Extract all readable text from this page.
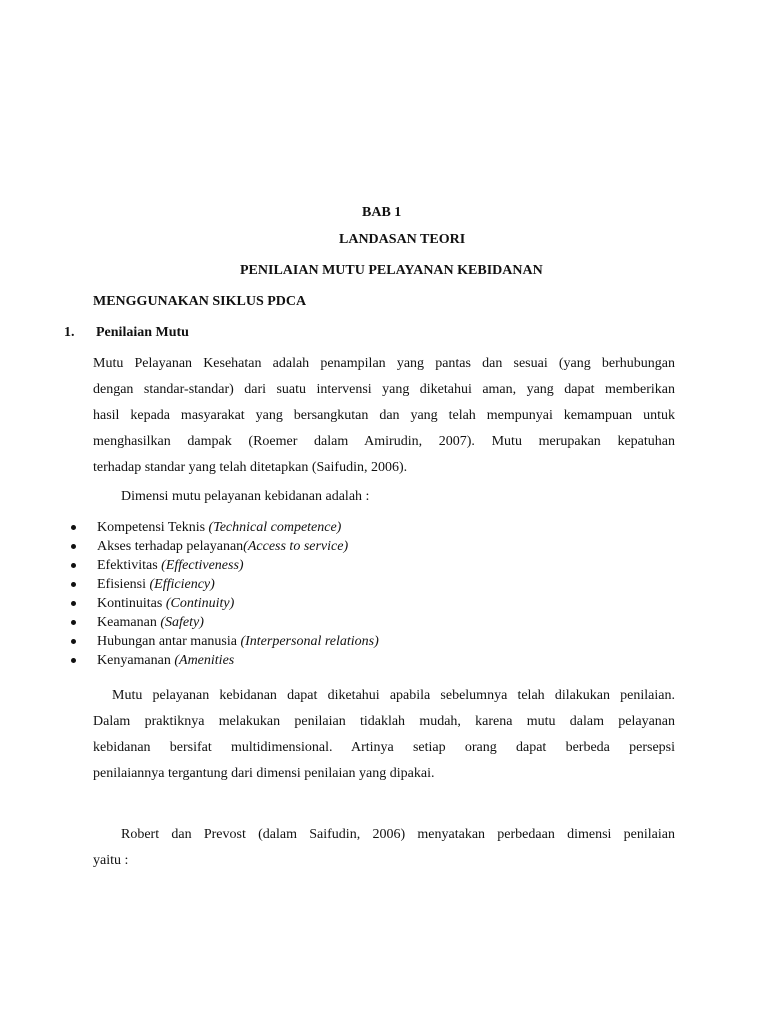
BAB 1
LANDASAN TEORI
PENILAIAN MUTU PELAYANAN KEBIDANAN
MENGGUNAKAN SIKLUS PDCA
1. Penilaian Mutu
Mutu Pelayanan Kesehatan adalah penampilan yang pantas dan sesuai (yang berhubungan
dengan standar-standar) dari suatu intervensi yang diketahui aman, yang dapat memberikan
hasil kepada masyarakat yang bersangkutan dan yang telah mempunyai kemampuan untuk
menghasilkan dampak (Roemer dalam Amirudin, 2007). Mutu merupakan kepatuhan
terhadap standar yang telah ditetapkan (Saifudin, 2006).
Dimensi mutu pelayanan kebidanan adalah :
Kompetensi Teknis (Technical competence)
Akses terhadap pelayanan(Access to service)
Efektivitas (Effectiveness)
Efisiensi (Efficiency)
Kontinuitas (Continuity)
Keamanan (Safety)
Hubungan antar manusia (Interpersonal relations)
Kenyamanan (Amenities
Mutu pelayanan kebidanan dapat diketahui apabila sebelumnya telah dilakukan penilaian.
Dalam praktiknya melakukan penilaian tidaklah mudah, karena mutu dalam pelayanan
kebidanan bersifat multidimensional. Artinya setiap orang dapat berbeda persepsi
penilaiannya tergantung dari dimensi penilaian yang dipakai.
Robert dan Prevost (dalam Saifudin, 2006) menyatakan perbedaan dimensi penilaian
yaitu :
